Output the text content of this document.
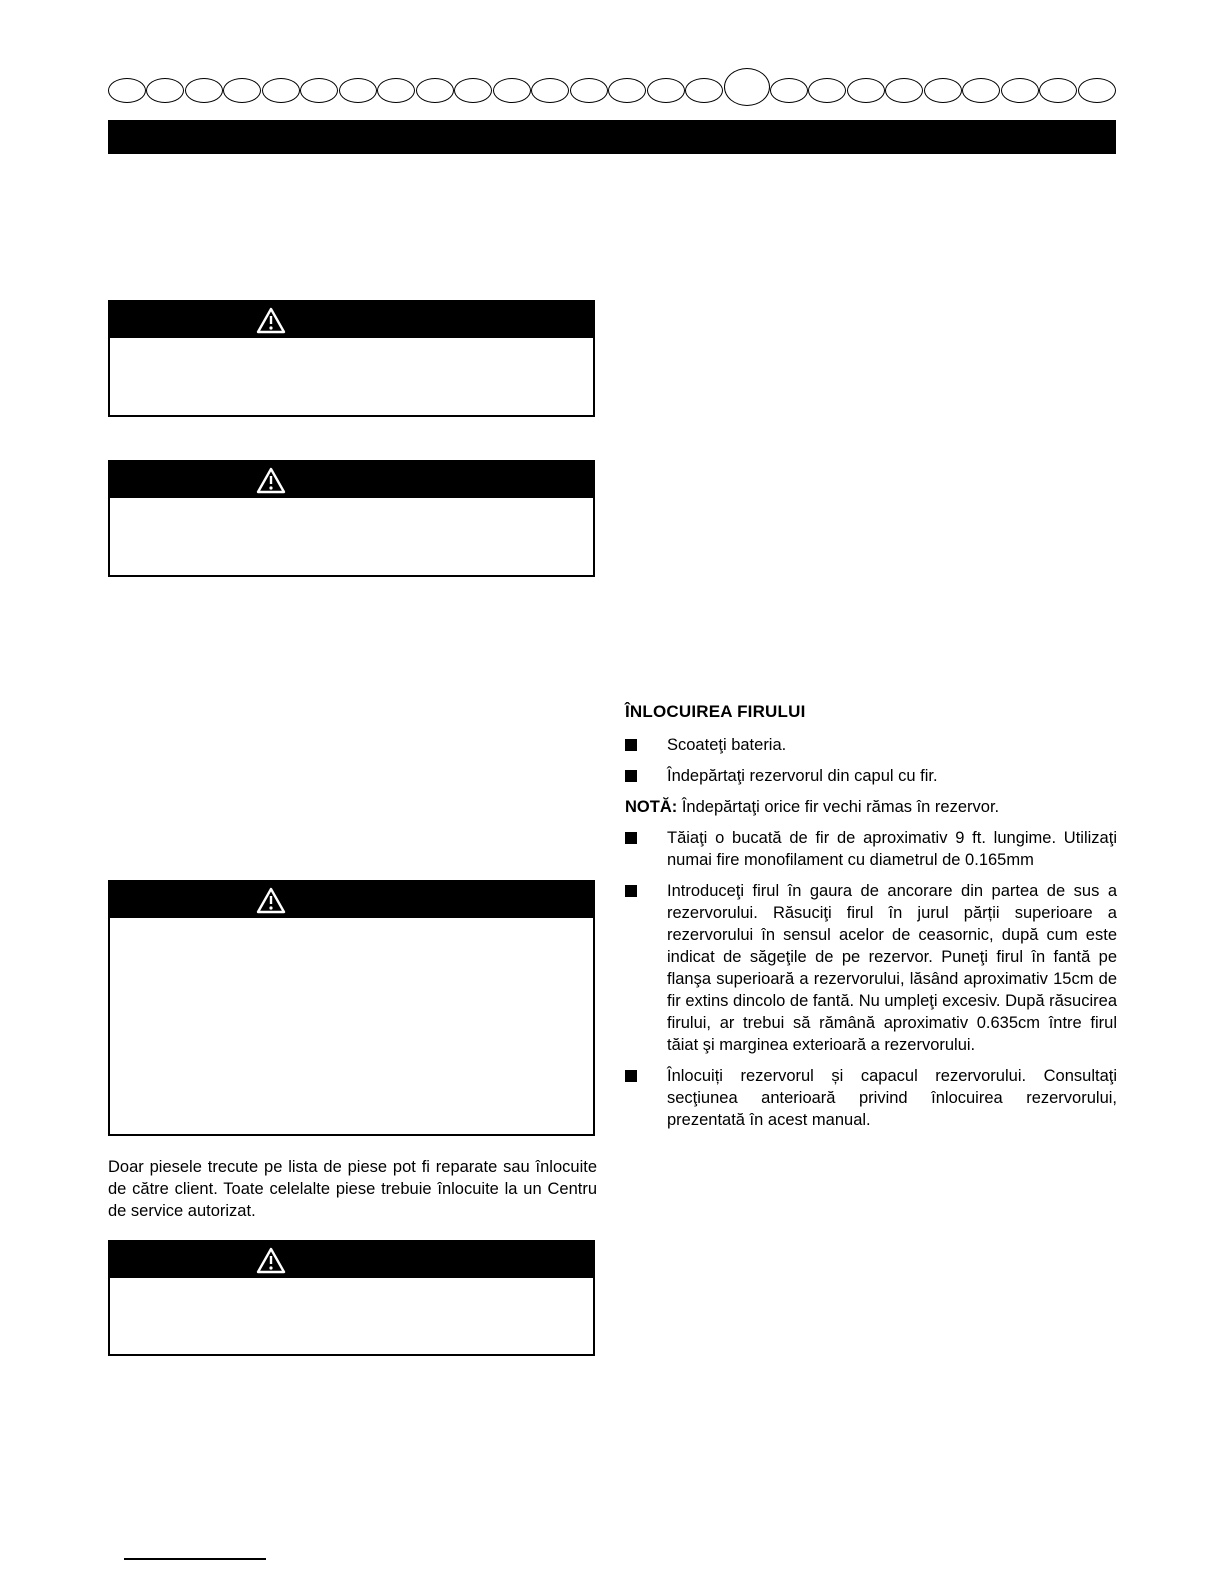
ÎNLOCUIREA FIRULUI
Scoateţi bateria.
Îndepărtaţi rezervorul din capul cu fir.

NOTĂ: Îndepărtaţi orice fir vechi rămas în rezervor.

Tăiaţi o bucată de fir de aproximativ 9 ft. lungime. Utilizaţi numai fire monofilament cu diametrul de 0.165mm
Introduceţi firul în gaura de ancorare din partea de sus a rezervorului. Răsuciţi firul în jurul părții superioare a rezervorului în sensul acelor de ceasornic, după cum este indicat de săgeţile de pe rezervor. Puneţi firul în fantă pe flanşa superioară a rezervorului, lăsând aproximativ 15cm de fir extins dincolo de fantă. Nu umpleţi excesiv. După răsucirea firului, ar trebui să rămână aproximativ 0.635cm între firul tăiat şi marginea exterioară a rezervorului.
Înlocuiți rezervorul și capacul rezervorului. Consultaţi secţiunea anterioară privind înlocuirea rezervorului, prezentată în acest manual.

Doar piesele trecute pe lista de piese pot fi reparate sau înlocuite de către client. Toate celelalte piese trebuie înlocuite la un Centru de service autorizat.
